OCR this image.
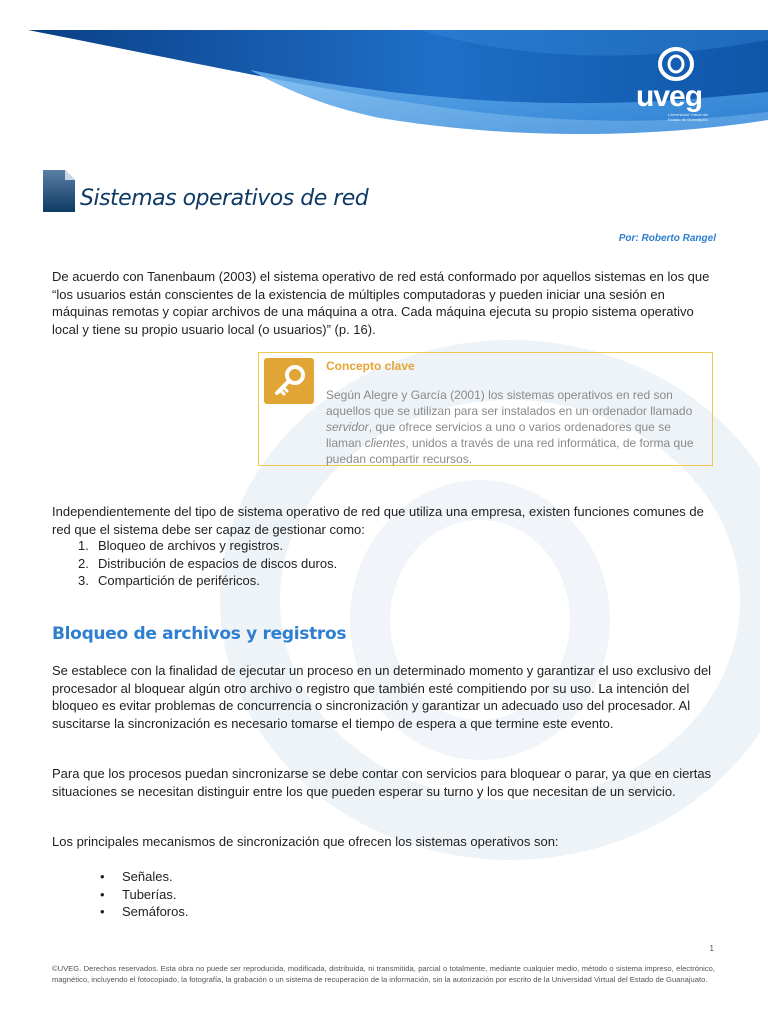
uveg
Universidad Virtual del Estado de Guanajuato
Sistemas operativos de red
Por: Roberto Rangel

De acuerdo con Tanenbaum (2003) el sistema operativo de red está conformado por aquellos sistemas en los que “los usuarios están conscientes de la existencia de múltiples computadoras y pueden iniciar una sesión en máquinas remotas y copiar archivos de una máquina a otra. Cada máquina ejecuta su propio sistema operativo local y tiene su propio usuario local (o usuarios)” (p. 16).

Concepto clave
Según Alegre y García (2001) los sistemas operativos en red son aquellos que se utilizan para ser instalados en un ordenador llamado servidor, que ofrece servicios a uno o varios ordenadores que se llaman clientes, unidos a través de una red informática, de forma que puedan compartir recursos.

Independientemente del tipo de sistema operativo de red que utiliza una empresa, existen funciones comunes de red que el sistema debe ser capaz de gestionar como:

1. Bloqueo de archivos y registros.
2. Distribución de espacios de discos duros.
3. Compartición de periféricos.
Bloqueo de archivos y registros

Se establece con la finalidad de ejecutar un proceso en un determinado momento y garantizar el uso exclusivo del procesador al bloquear algún otro archivo o registro que también esté compitiendo por su uso. La intención del bloqueo es evitar problemas de concurrencia o sincronización y garantizar un adecuado uso del procesador. Al suscitarse la sincronización es necesario tomarse el tiempo de espera a que termine este evento.

Para que los procesos puedan sincronizarse se debe contar con servicios para bloquear o parar, ya que en ciertas situaciones se necesitan distinguir entre los que pueden esperar su turno y los que necesitan de un servicio.

Los principales mecanismos de sincronización que ofrecen los sistemas operativos son:

• Señales.
• Tuberías.
• Semáforos.
1
©UVEG. Derechos reservados. Esta obra no puede ser reproducida, modificada, distribuida, ni transmitida, parcial o totalmente, mediante cualquier medio, método o sistema impreso, electrónico, magnético, incluyendo el fotocopiado, la fotografía, la grabación o un sistema de recuperación de la información, sin la autorización por escrito de la Universidad Virtual del Estado de Guanajuato.
